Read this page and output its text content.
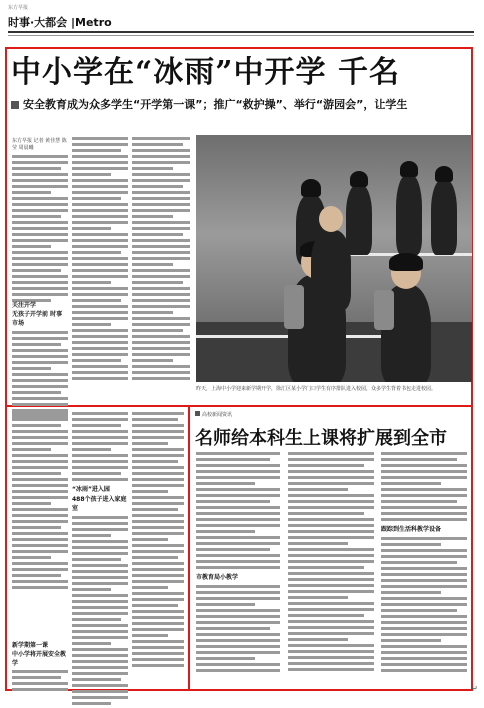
东方早报
时事·大都会 |Metro
中小学在“冰雨”中开学 千名
安全教育成为众多学生“开学第一课”；推广“救护操”、举行“游园会”，让学生
东方早报 记者 黄佳慧 陈莹 周晨曦
关注开学
无孩子开学前 时事市场
昨天，上海中小学迎来新学期开学，徐汇区某小学门口学生有序排队进入校园，众多学生背着书包走进校园。
新学期第一课
中小学将开展安全教学
“冰雨”进入园
488个孩子进入家庭室
高校新闻资讯
名师给本科生上课将扩展到全市
市教育局小教学
跟踪到生活科教学设备
↵
